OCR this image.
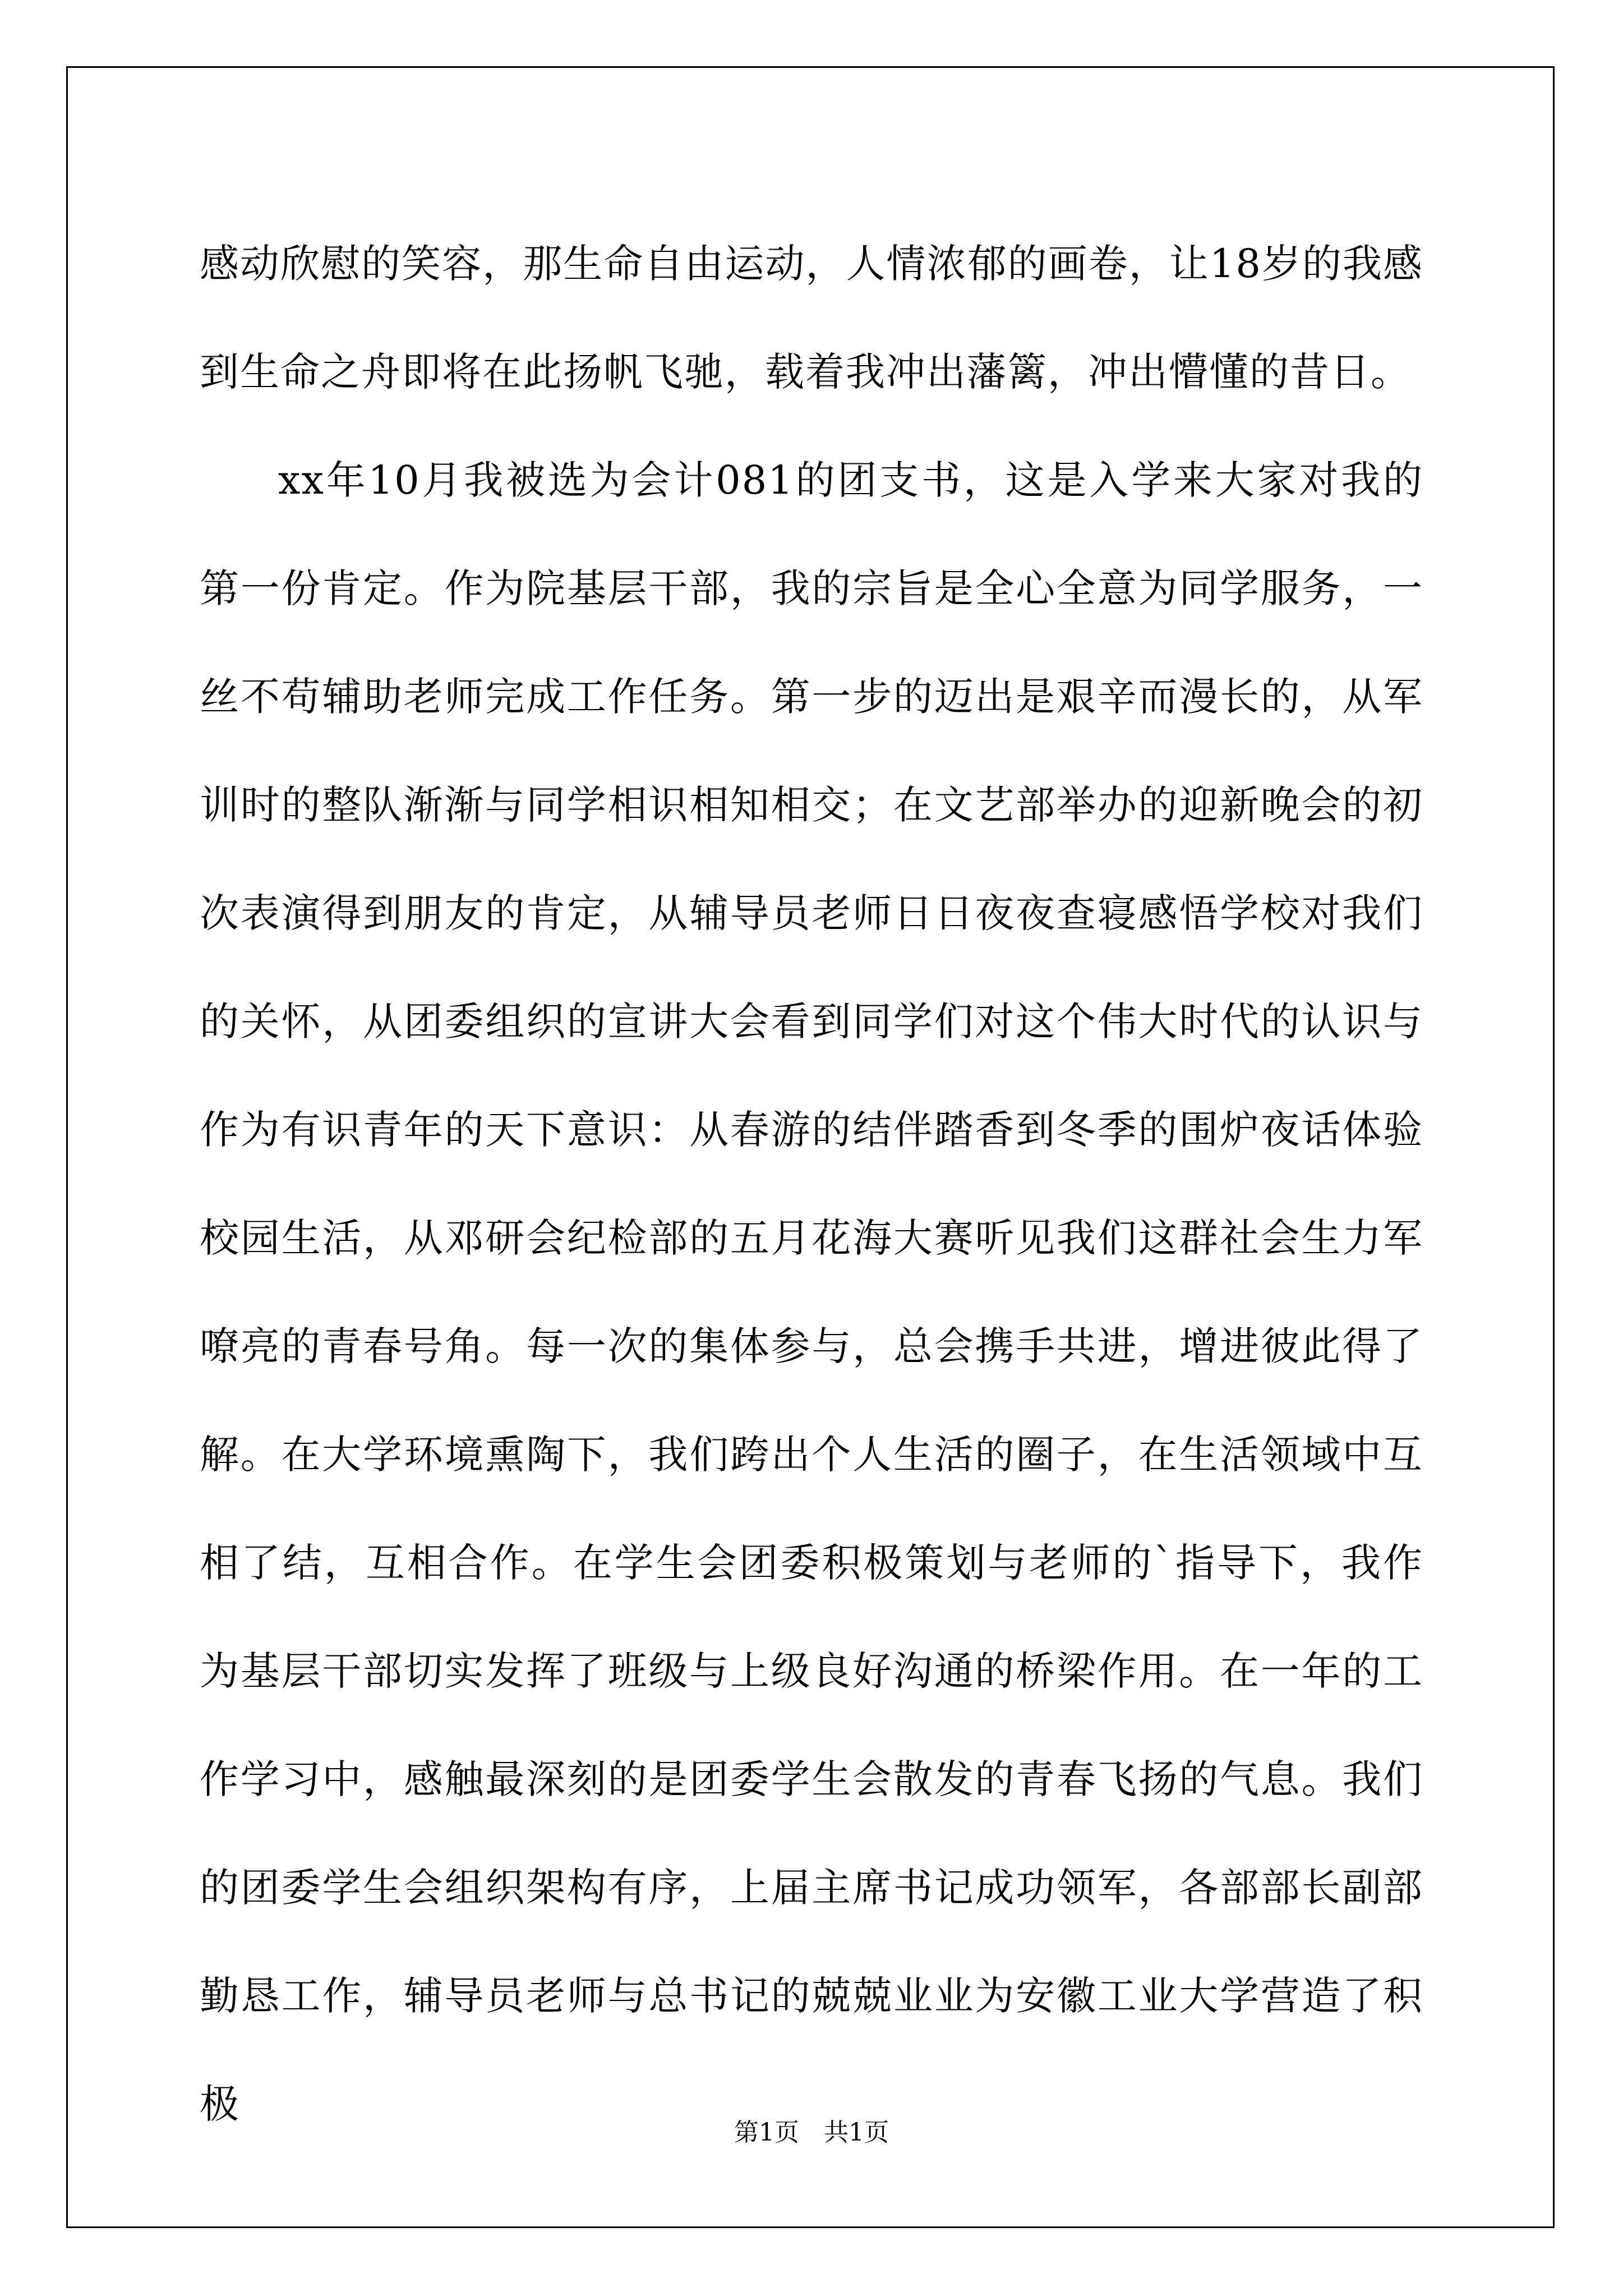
感动欣慰的笑容，那生命自由运动，人情浓郁的画卷，让18岁的我感到生命之舟即将在此扬帆飞驰，载着我冲出藩篱，冲出懵懂的昔日。

xx年10月我被选为会计081的团支书，这是入学来大家对我的第一份肯定。作为院基层干部，我的宗旨是全心全意为同学服务，一丝不苟辅助老师完成工作任务。第一步的迈出是艰辛而漫长的，从军训时的整队渐渐与同学相识相知相交；在文艺部举办的迎新晚会的初次表演得到朋友的肯定，从辅导员老师日日夜夜查寝感悟学校对我们的关怀，从团委组织的宣讲大会看到同学们对这个伟大时代的认识与作为有识青年的天下意识：从春游的结伴踏香到冬季的围炉夜话体验校园生活，从邓研会纪检部的五月花海大赛听见我们这群社会生力军嘹亮的青春号角。每一次的集体参与，总会携手共进，增进彼此得了解。在大学环境熏陶下，我们跨出个人生活的圈子，在生活领域中互相了结，互相合作。在学生会团委积极策划与老师的`指导下，我作为基层干部切实发挥了班级与上级良好沟通的桥梁作用。在一年的工作学习中，感触最深刻的是团委学生会散发的青春飞扬的气息。我们的团委学生会组织架构有序，上届主席书记成功领军，各部部长副部勤恳工作，辅导员老师与总书记的兢兢业业为安徽工业大学营造了积极

第1页 共1页
